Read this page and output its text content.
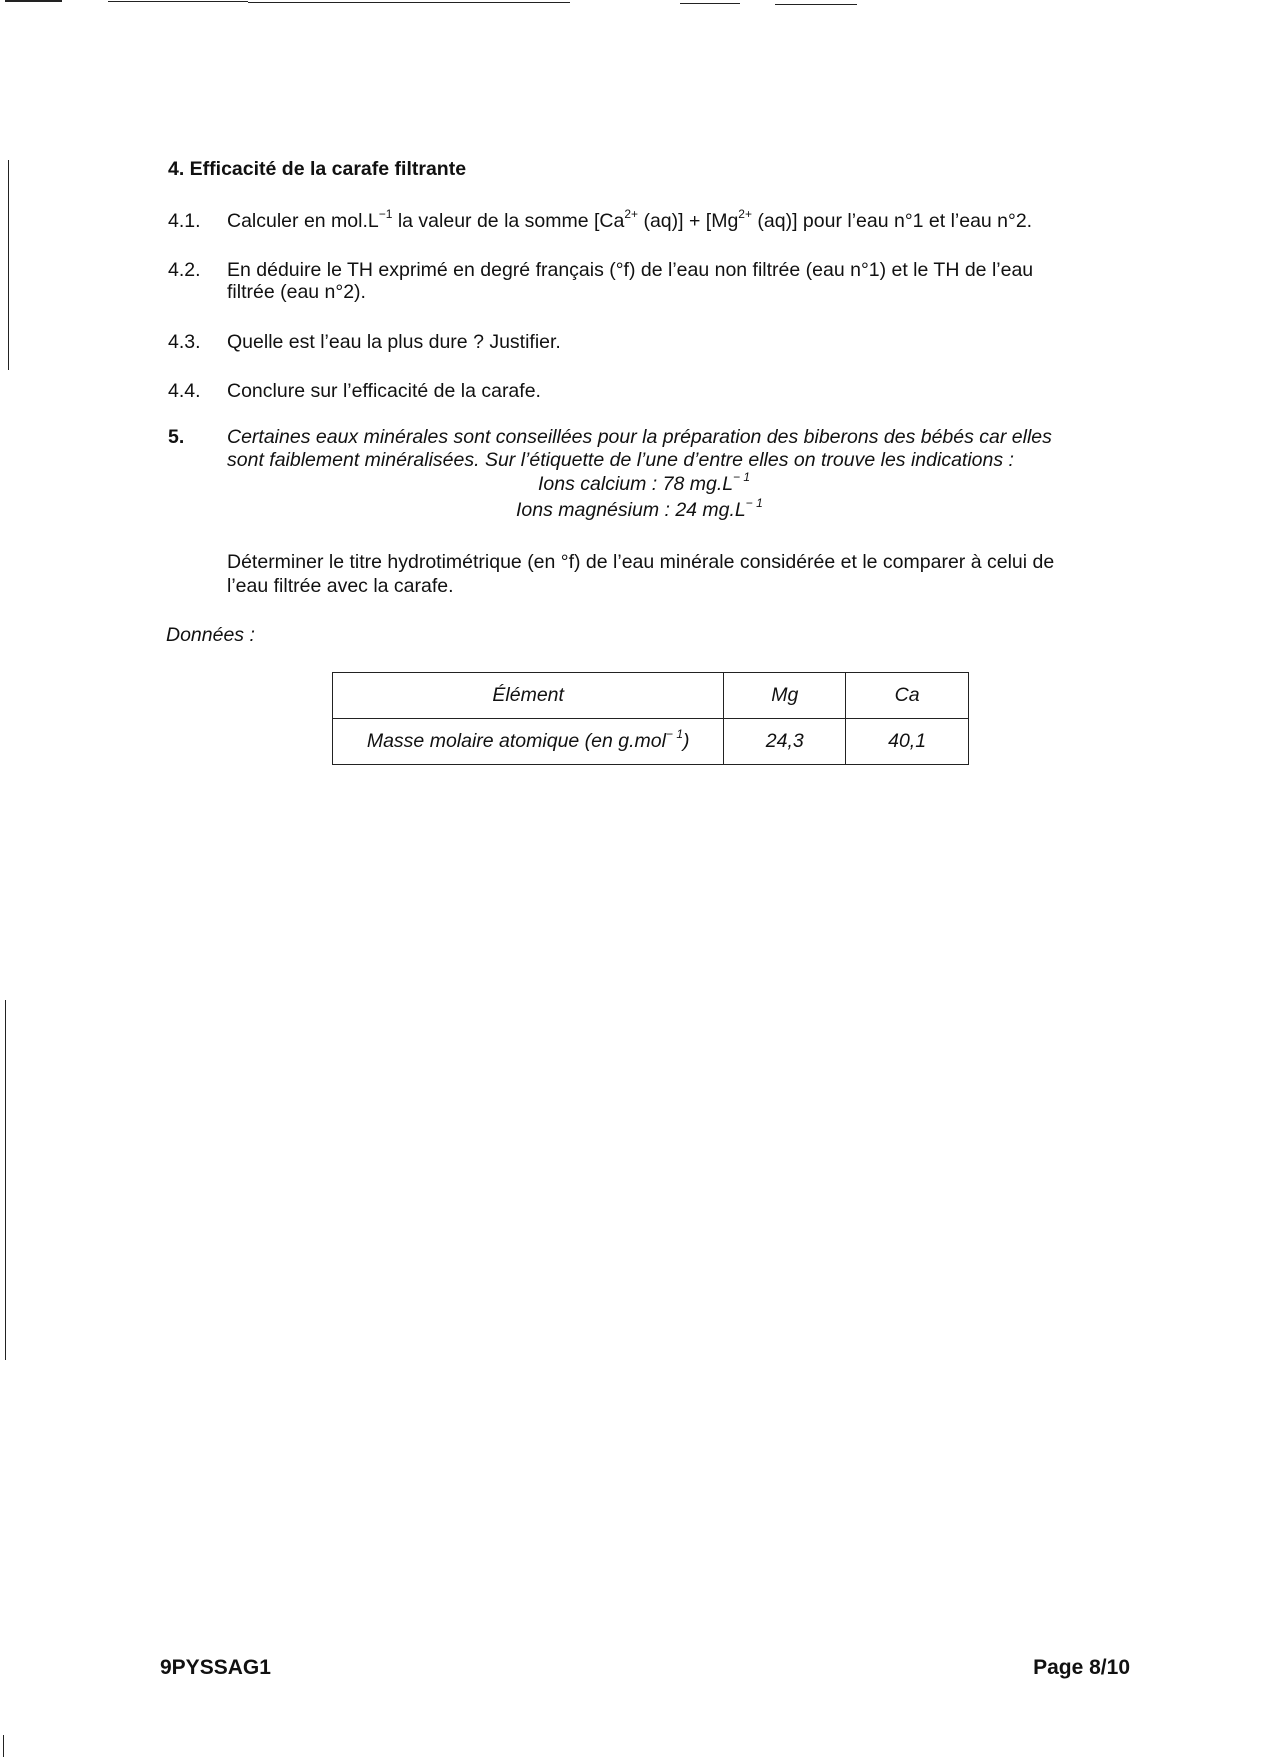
4. Efficacité de la carafe filtrante
4.1. Calculer en $mol.L^{-1}$ la valeur de la somme [$Ca^{2+}$ $(aq)] + [Mg^{2+}$ (aq)] pour l’eau n°1 et l’eau n°2.
4.2. En déduire le TH exprimé en degré français (°f) de l’eau non filtrée (eau n°1) et le TH de l’eau
filtrée (eau n°2).
4.3. Quelle est l’eau la plus dure ? Justifier.
4.4. Conclure sur l’efficacité de la carafe.
5. Certaines eaux minérales sont conseillées pour la préparation des biberons des bébés car elles
sont faiblement minéralisées. Sur l’étiquette de l’une d’entre elles on trouve les indications :
Ions calcium : 78 $mg.L^{- 1}$
Ions magnésium : 24 $mg.L^{- 1}$
Déterminer le titre hydrotimétrique (en °f) de l’eau minérale considérée et le comparer à celui de
l’eau filtrée avec la carafe.
Données :
Élément	Mg	Ca
Masse molaire atomique (en g.mol$^{- 1}$)	24,3	40,1
9PYSSAG1	Page 8/10
